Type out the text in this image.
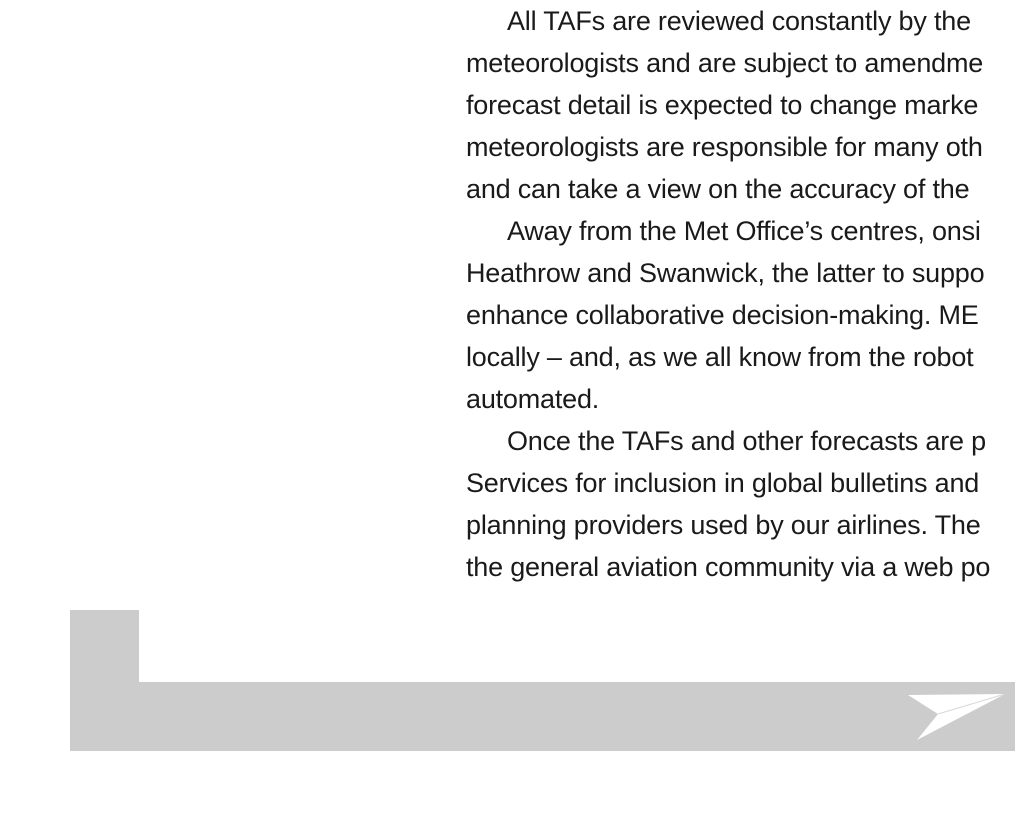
All TAFs are reviewed constantly by the
meteorologists and are subject to amendme
forecast detail is expected to change marke
meteorologists are responsible for many oth
and can take a view on the accuracy of the
Away from the Met Office’s centres, onsi
Heathrow and Swanwick, the latter to suppo
enhance collaborative decision-making. ME
locally – and, as we all know from the robot
automated.
Once the TAFs and other forecasts are p
Services for inclusion in global bulletins and
planning providers used by our airlines. The
the general aviation community via a web po
